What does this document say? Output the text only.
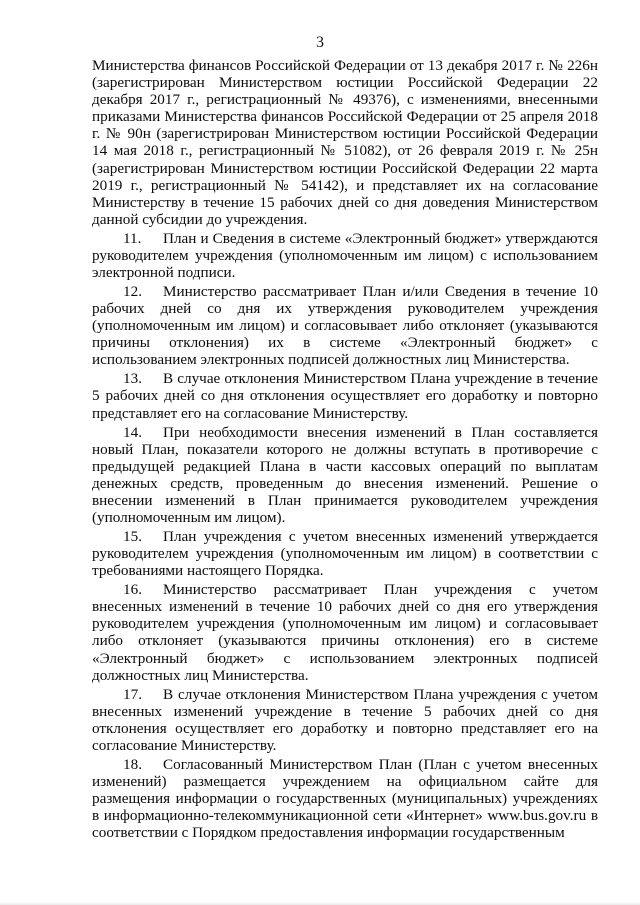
3

Министерства финансов Российской Федерации от 13 декабря 2017 г. № 226н (зарегистрирован Министерством юстиции Российской Федерации 22 декабря 2017 г., регистрационный № 49376), с изменениями, внесенными приказами Министерства финансов Российской Федерации от 25 апреля 2018 г. № 90н (зарегистрирован Министерством юстиции Российской Федерации 14 мая 2018 г., регистрационный № 51082), от 26 февраля 2019 г. № 25н (зарегистрирован Министерством юстиции Российской Федерации 22 марта 2019 г., регистрационный № 54142), и представляет их на согласование Министерству в течение 15 рабочих дней со дня доведения Министерством данной субсидии до учреждения.

11. План и Сведения в системе «Электронный бюджет» утверждаются руководителем учреждения (уполномоченным им лицом) с использованием электронной подписи.

12. Министерство рассматривает План и/или Сведения в течение 10 рабочих дней со дня их утверждения руководителем учреждения (уполномоченным им лицом) и согласовывает либо отклоняет (указываются причины отклонения) их в системе «Электронный бюджет» с использованием электронных подписей должностных лиц Министерства.

13. В случае отклонения Министерством Плана учреждение в течение 5 рабочих дней со дня отклонения осуществляет его доработку и повторно представляет его на согласование Министерству.

14. При необходимости внесения изменений в План составляется новый План, показатели которого не должны вступать в противоречие с предыдущей редакцией Плана в части кассовых операций по выплатам денежных средств, проведенным до внесения изменений. Решение о внесении изменений в План принимается руководителем учреждения (уполномоченным им лицом).

15. План учреждения с учетом внесенных изменений утверждается руководителем учреждения (уполномоченным им лицом) в соответствии с требованиями настоящего Порядка.

16. Министерство рассматривает План учреждения с учетом внесенных изменений в течение 10 рабочих дней со дня его утверждения руководителем учреждения (уполномоченным им лицом) и согласовывает либо отклоняет (указываются причины отклонения) его в системе «Электронный бюджет» с использованием электронных подписей должностных лиц Министерства.

17. В случае отклонения Министерством Плана учреждения с учетом внесенных изменений учреждение в течение 5 рабочих дней со дня отклонения осуществляет его доработку и повторно представляет его на согласование Министерству.

18. Согласованный Министерством План (План с учетом внесенных изменений) размещается учреждением на официальном сайте для размещения информации о государственных (муниципальных) учреждениях в информационно-телекоммуникационной сети «Интернет» www.bus.gov.ru в соответствии с Порядком предоставления информации государственным
